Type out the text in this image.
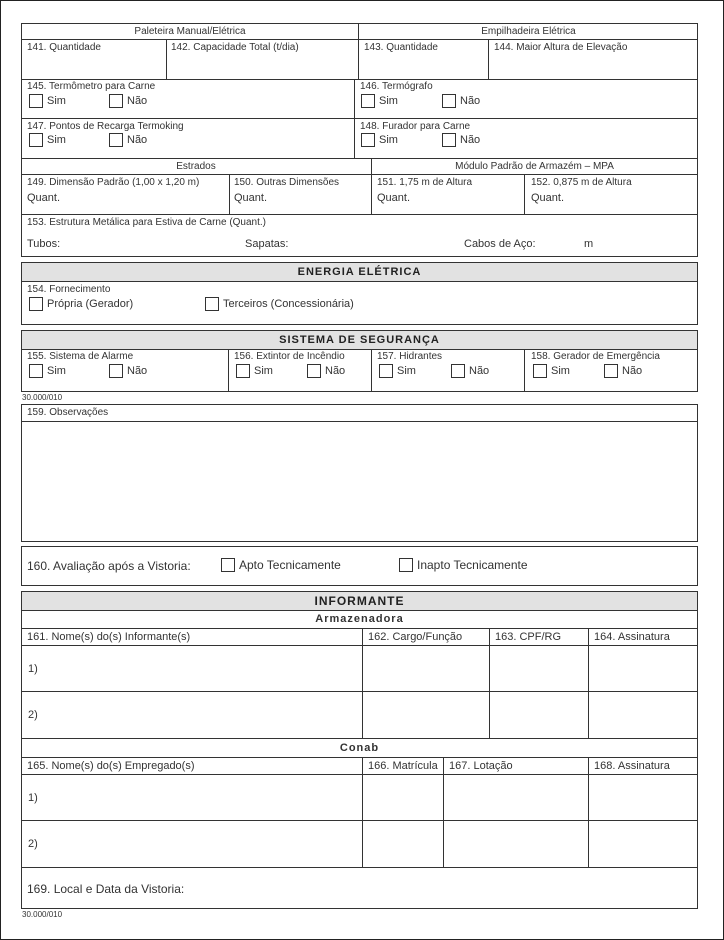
Paleteira Manual/Elétrica	Empilhadeira Elétrica
141. Quantidade	142. Capacidade Total (t/dia)	143. Quantidade	144. Maior Altura de Elevação
145. Termômetro para Carne
Sim	Não
146. Termógrafo
Sim	Não
147. Pontos de Recarga Termoking
Sim	Não
148. Furador para Carne
Sim	Não
Estrados	Módulo Padrão de Armazém – MPA
149. Dimensão Padrão (1,00 x 1,20 m)
Quant.
150. Outras Dimensões
Quant.
151. 1,75 m de Altura
Quant.
152. 0,875 m de Altura
Quant.
153. Estrutura Metálica para Estiva de Carne (Quant.)
Tubos:	Sapatas:	Cabos de Aço:	m
ENERGIA ELÉTRICA
154. Fornecimento
Própria (Gerador)	Terceiros (Concessionária)
SISTEMA DE SEGURANÇA
155. Sistema de Alarme
Sim	Não
156. Extintor de Incêndio
Sim	Não
157. Hidrantes
Sim	Não
158. Gerador de Emergência
Sim	Não
30.000/010
159. Observações
160. Avaliação após a Vistoria:	Apto Tecnicamente	Inapto Tecnicamente
INFORMANTE
Armazenadora
161. Nome(s) do(s) Informante(s)	162. Cargo/Função	163. CPF/RG	164. Assinatura
1)
2)
Conab
165. Nome(s) do(s) Empregado(s)	166. Matrícula 167. Lotação	168. Assinatura
1)
2)
169. Local e Data da Vistoria:
30.000/010
